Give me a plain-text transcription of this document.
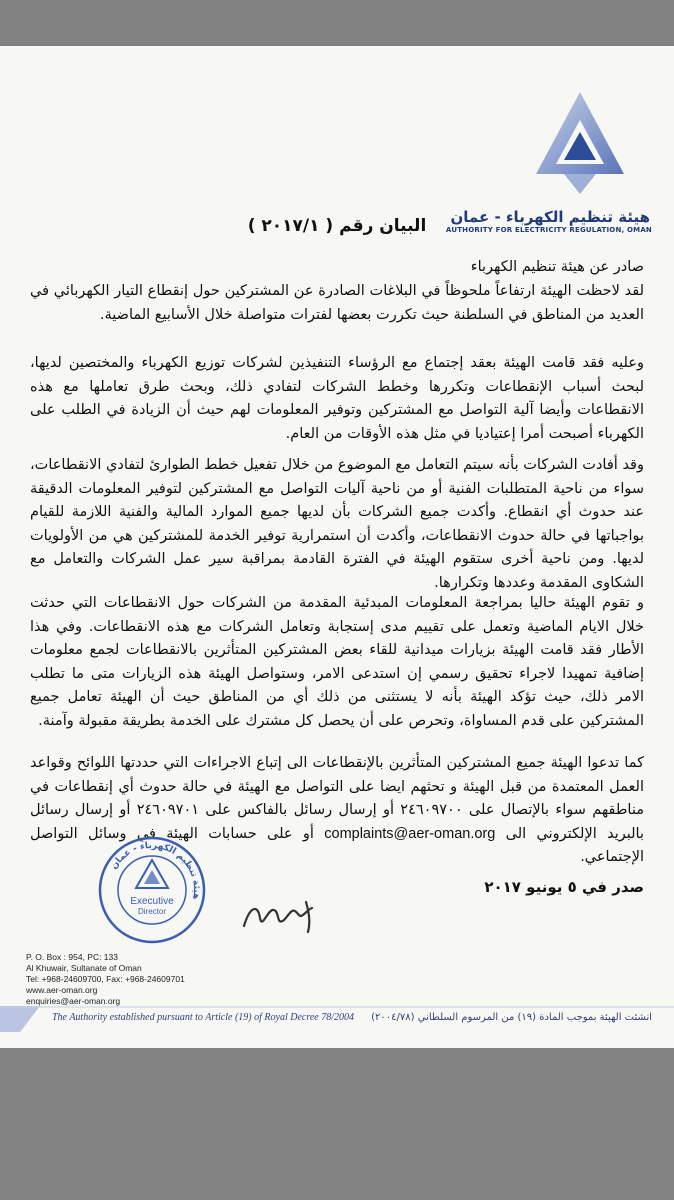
هيئة تنظيم الكهرباء - عمان
AUTHORITY FOR ELECTRICITY REGULATION, OMAN
البيان رقم ( ٢٠١٧/١ )
صادر عن هيئة تنظيم الكهرباء

لقد لاحظت الهيئة ارتفاعاً ملحوظاً في البلاغات الصادرة عن المشتركين حول إنقطاع التيار الكهربائي في العديد من المناطق في السلطنة حيث تكررت بعضها لفترات متواصلة خلال الأسابيع الماضية.

وعليه فقد قامت الهيئة بعقد إجتماع مع الرؤساء التنفيذين لشركات توزيع الكهرباء والمختصين لديها، لبحث أسباب الإنقطاعات وتكررها وخطط الشركات لتفادي ذلك، وبحث طرق تعاملها مع هذه الانقطاعات وأيضا آلية التواصل مع المشتركين وتوفير المعلومات لهم حيث أن الزيادة في الطلب على الكهرباء أصبحت أمرا إعتياديا في مثل هذه الأوقات من العام.

وقد أفادت الشركات بأنه سيتم التعامل مع الموضوع من خلال تفعيل خطط الطوارئ لتفادي الانقطاعات، سواء من ناحية المتطلبات الفنية أو من ناحية آليات التواصل مع المشتركين لتوفير المعلومات الدقيقة عند حدوث أي انقطاع. وأكدت جميع الشركات بأن لديها جميع الموارد المالية والفنية اللازمة للقيام بواجباتها في حالة حدوث الانقطاعات، وأكدت أن استمرارية توفير الخدمة للمشتركين هي من الأولويات لديها. ومن ناحية أخرى ستقوم الهيئة في الفترة القادمة بمراقبة سير عمل الشركات والتعامل مع الشكاوى المقدمة وعددها وتكرارها.

و تقوم الهيئة حاليا بمراجعة المعلومات المبدئية المقدمة من الشركات حول الانقطاعات التي حدثت خلال الايام الماضية وتعمل على تقييم مدى إستجابة وتعامل الشركات مع هذه الانقطاعات. وفي هذا الأطار فقد قامت الهيئة بزيارات ميدانية للقاء بعض المشتركين المتأثرين بالانقطاعات لجمع معلومات إضافية تمهيدا لاجراء تحقيق رسمي إن استدعى الامر، وستواصل الهيئة هذه الزيارات متى ما تطلب الامر ذلك، حيث تؤكد الهيئة بأنه لا يستثنى من ذلك أي من المناطق حيث أن الهيئة تعامل جميع المشتركين على قدم المساواة، وتحرص على أن يحصل كل مشترك على الخدمة بطريقة مقبولة وآمنة.

كما تدعوا الهيئة جميع المشتركين المتأثرين بالإنقطاعات الى إتباع الاجراءات التي حددتها اللوائح وقواعد العمل المعتمدة من قبل الهيئة و تحثهم ايضا على التواصل مع الهيئة في حالة حدوث أي إنقطاعات في مناطقهم سواء بالإتصال على ٢٤٦٠٩٧٠٠ أو إرسال رسائل بالفاكس على ٢٤٦٠٩٧٠١ أو إرسال رسائل بالبريد الإلكتروني الى complaints@aer-oman.org أو على حسابات الهيئة في وسائل التواصل الإجتماعي.

صدر في ٥ يونيو ٢٠١٧
هيئة تنظيم الكهرباء - عمان
Executive
Director
P. O. Box : 954, PC: 133
Al Khuwair, Sultanate of Oman
Tel: +968-24609700, Fax: +968-24609701
www.aer-oman.org
enquiries@aer-oman.org
The Authority established pursuant to Article (19) of Royal Decree 78/2004 انشئت الهيئة بموجب المادة (١٩) من المرسوم السلطاني (٢٠٠٤/٧٨)
